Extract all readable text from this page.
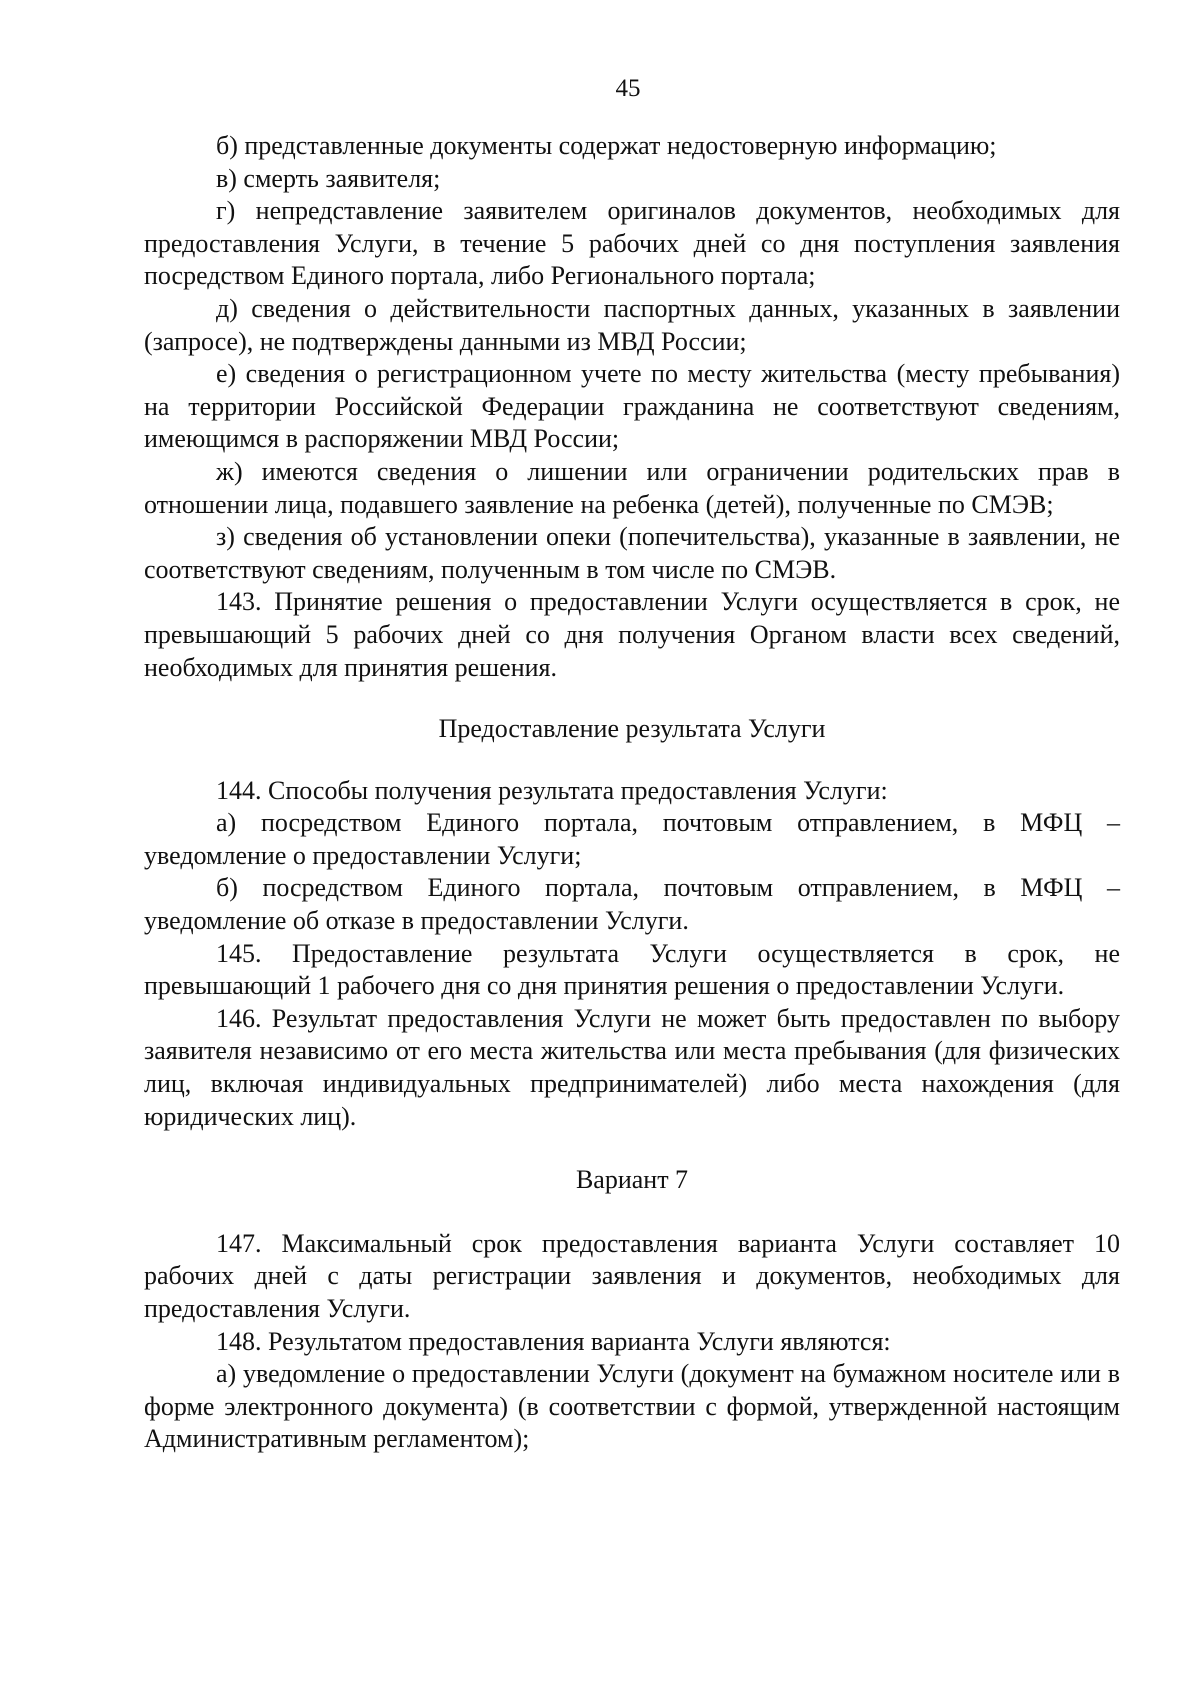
45

б) представленные документы содержат недостоверную информацию;

в) смерть заявителя;

г) непредставление заявителем оригиналов документов, необходимых для предоставления Услуги, в течение 5 рабочих дней со дня поступления заявления посредством Единого портала, либо Регионального портала;

д) сведения о действительности паспортных данных, указанных в заявлении (запросе), не подтверждены данными из МВД России;

е) сведения о регистрационном учете по месту жительства (месту пребывания) на территории Российской Федерации гражданина не соответствуют сведениям, имеющимся в распоряжении МВД России;

ж) имеются сведения о лишении или ограничении родительских прав в отношении лица, подавшего заявление на ребенка (детей), полученные по СМЭВ;

з) сведения об установлении опеки (попечительства), указанные в заявлении, не соответствуют сведениям, полученным в том числе по СМЭВ.

143. Принятие решения о предоставлении Услуги осуществляется в срок, не превышающий 5 рабочих дней со дня получения Органом власти всех сведений, необходимых для принятия решения.

Предоставление результата Услуги

144. Способы получения результата предоставления Услуги:

а) посредством Единого портала, почтовым отправлением, в МФЦ – уведомление о предоставлении Услуги;

б) посредством Единого портала, почтовым отправлением, в МФЦ – уведомление об отказе в предоставлении Услуги.

145. Предоставление результата Услуги осуществляется в срок, не превышающий 1 рабочего дня со дня принятия решения о предоставлении Услуги.

146. Результат предоставления Услуги не может быть предоставлен по выбору заявителя независимо от его места жительства или места пребывания (для физических лиц, включая индивидуальных предпринимателей) либо места нахождения (для юридических лиц).

Вариант 7

147. Максимальный срок предоставления варианта Услуги составляет 10 рабочих дней с даты регистрации заявления и документов, необходимых для предоставления Услуги.

148. Результатом предоставления варианта Услуги являются:

а) уведомление о предоставлении Услуги (документ на бумажном носителе или в форме электронного документа) (в соответствии с формой, утвержденной настоящим Административным регламентом);
